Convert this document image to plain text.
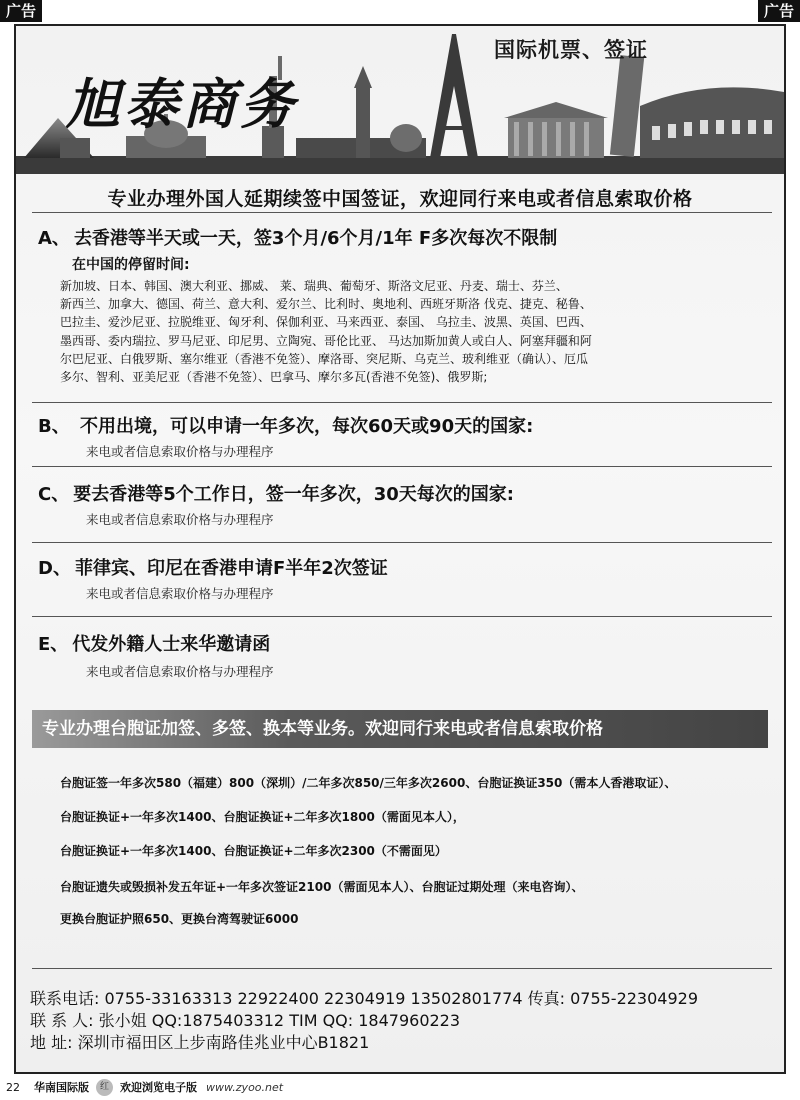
广告	广告
旭泰商务
国际机票、签证
专业办理外国人延期续签中国签证，欢迎同行来电或者信息索取价格
A、 去香港等半天或一天，签3个月/6个月/1年 F多次每次不限制
在中国的停留时间:
新加坡、日本、韩国、澳大利亚、挪威、 莱、瑞典、葡萄牙、斯洛文尼亚、丹麦、瑞士、芬兰、
新西兰、加拿大、德国、荷兰、意大利、爱尔兰、比利时、奥地利、西班牙斯洛 伐克、捷克、秘鲁、
巴拉圭、爱沙尼亚、拉脱维亚、匈牙利、保伽利亚、马来西亚、泰国、 乌拉圭、波黑、英国、巴西、
墨西哥、委内瑞拉、罗马尼亚、印尼男、立陶宛、哥伦比亚、 马达加斯加黄人或白人、阿塞拜疆和阿
尔巴尼亚、白俄罗斯、塞尔维亚（香港不免签）、摩洛哥、突尼斯、乌克兰、玻利维亚（确认）、厄瓜
多尔、智利、亚美尼亚（香港不免签）、巴拿马、摩尔多瓦(香港不免签)、俄罗斯;
B、 不用出境，可以申请一年多次，每次60天或90天的国家:
来电或者信息索取价格与办理程序
C、 要去香港等5个工作日，签一年多次，30天每次的国家:
来电或者信息索取价格与办理程序
D、 菲律宾、印尼在香港申请F半年2次签证
来电或者信息索取价格与办理程序
E、 代发外籍人士来华邀请函
来电或者信息索取价格与办理程序
专业办理台胞证加签、多签、换本等业务。欢迎同行来电或者信息索取价格
台胞证签一年多次580（福建）800（深圳）/二年多次850/三年多次2600、台胞证换证350（需本人香港取证）、
台胞证换证+一年多次1400、台胞证换证+二年多次1800（需面见本人），
台胞证换证+一年多次1400、台胞证换证+二年多次2300（不需面见）
台胞证遗失或毁损补发五年证+一年多次签证2100（需面见本人）、台胞证过期处理（来电咨询）、
更换台胞证护照650、更换台湾驾驶证6000
联系电话: 0755-33163313 22922400 22304919 13502801774 传真: 0755-22304929
联 系 人: 张小姐 QQ:1875403312 TIM QQ: 1847960223
地 址: 深圳市福田区上步南路佳兆业中心B1821
22 华南国际版	红	欢迎浏览电子版 www.zyoo.net
